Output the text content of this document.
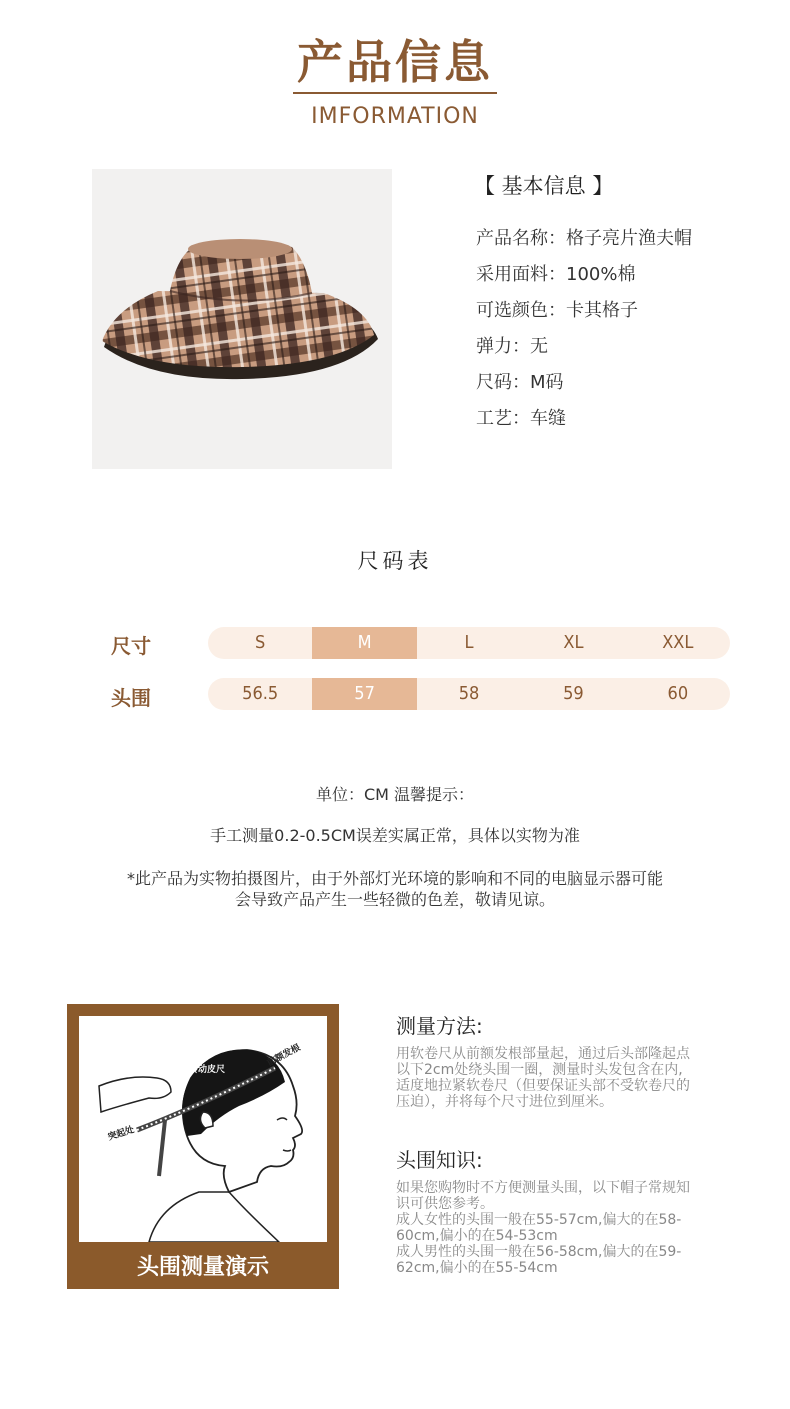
产品信息
IMFORMATION
【 基本信息 】
产品名称：格子亮片渔夫帽
采用面料：100%棉
可选颜色：卡其格子
弹力：无
尺码：M码
工艺：车缝
尺码表
尺寸	S	M	L	XL	XXL
头围	56.5	57	58	59	60
单位：CM 温馨提示：
手工测量0.2-0.5CM误差实属正常，具体以实物为准
*此产品为实物拍摄图片，由于外部灯光环境的影响和不同的电脑显示器可能
会导致产品产生一些轻微的色差，敬请见谅。
绕着头部
轻松转动皮尺
前额发根
突起处
头围测量演示
测量方法:
用软卷尺从前额发根部量起，通过后头部隆起点
以下2cm处绕头围一圈，测量时头发包含在内,
适度地拉紧软卷尺（但要保证头部不受软卷尺的
压迫），并将每个尺寸进位到厘米。
头围知识:
如果您购物时不方便测量头围，以下帽子常规知
识可供您参考。
成人女性的头围一般在55-57cm,偏大的在58-
60cm,偏小的在54-53cm
成人男性的头围一般在56-58cm,偏大的在59-
62cm,偏小的在55-54cm
